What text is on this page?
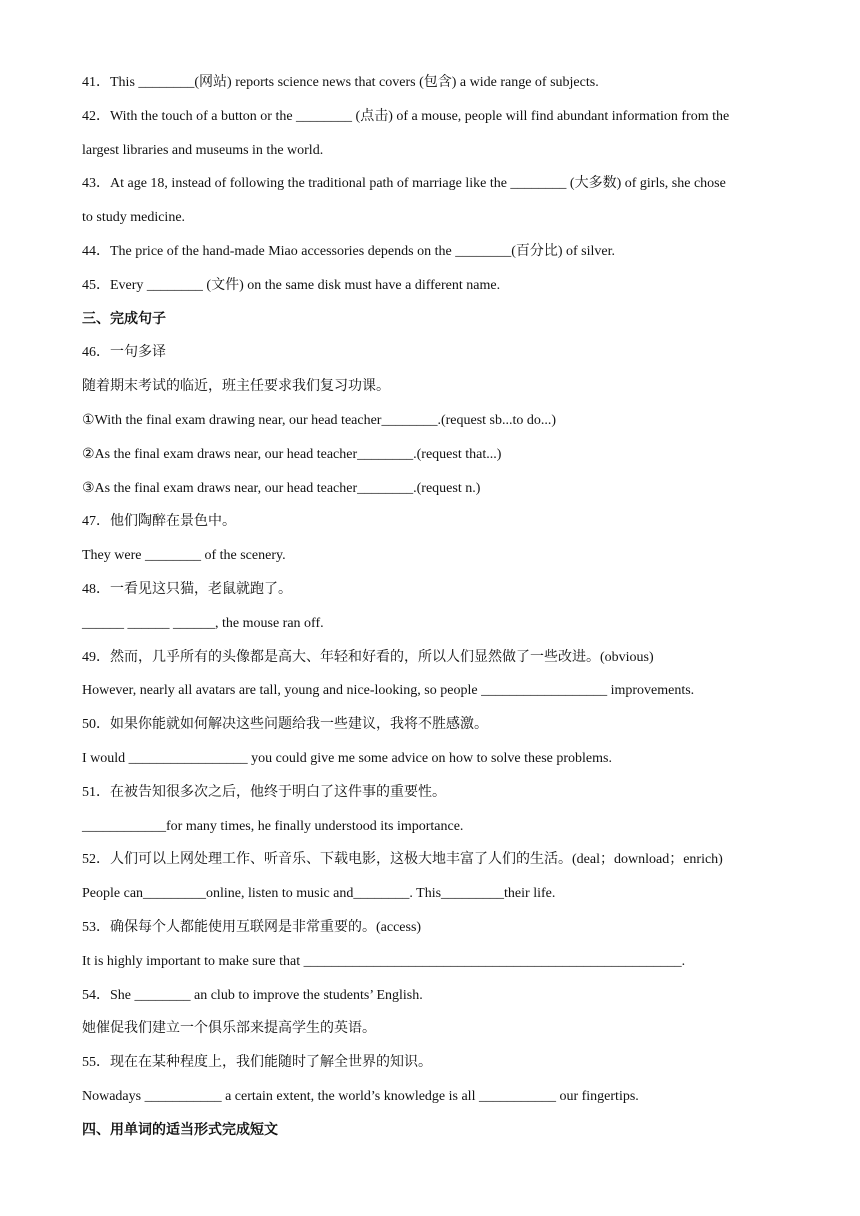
41．This ________(网站) reports science news that covers (包含) a wide range of subjects.
42．With the touch of a button or the ________ (点击) of a mouse, people will find abundant information from the
largest libraries and museums in the world.
43．At age 18, instead of following the traditional path of marriage like the ________ (大多数) of girls, she chose
to study medicine.
44．The price of the hand-made Miao accessories depends on the ________(百分比) of silver.
45．Every ________ (文件) on the same disk must have a different name.
三、完成句子
46．一句多译
随着期末考试的临近，班主任要求我们复习功课。
①With the final exam drawing near, our head teacher________.(request sb...to do...)
②As the final exam draws near, our head teacher________.(request that...)
③As the final exam draws near, our head teacher________.(request n.)
47．他们陶醉在景色中。
They were ________ of the scenery.
48．一看见这只猫，老鼠就跑了。
______ ______ ______, the mouse ran off.
49．然而，几乎所有的头像都是高大、年轻和好看的，所以人们显然做了一些改进。(obvious)
However, nearly all avatars are tall, young and nice-looking, so people __________________ improvements.
50．如果你能就如何解决这些问题给我一些建议，我将不胜感激。
I would _________________ you could give me some advice on how to solve these problems.
51．在被告知很多次之后，他终于明白了这件事的重要性。
____________for many times, he finally understood its importance.
52．人们可以上网处理工作、听音乐、下载电影，这极大地丰富了人们的生活。(deal；download；enrich)
People can_________online, listen to music and________. This_________their life.
53．确保每个人都能使用互联网是非常重要的。(access)
It is highly important to make sure that ______________________________________________________.
54．She ________ an club to improve the students’ English.
她催促我们建立一个俱乐部来提高学生的英语。
55．现在在某种程度上，我们能随时了解全世界的知识。
Nowadays ___________ a certain extent, the world’s knowledge is all ___________ our fingertips.
四、用单词的适当形式完成短文
